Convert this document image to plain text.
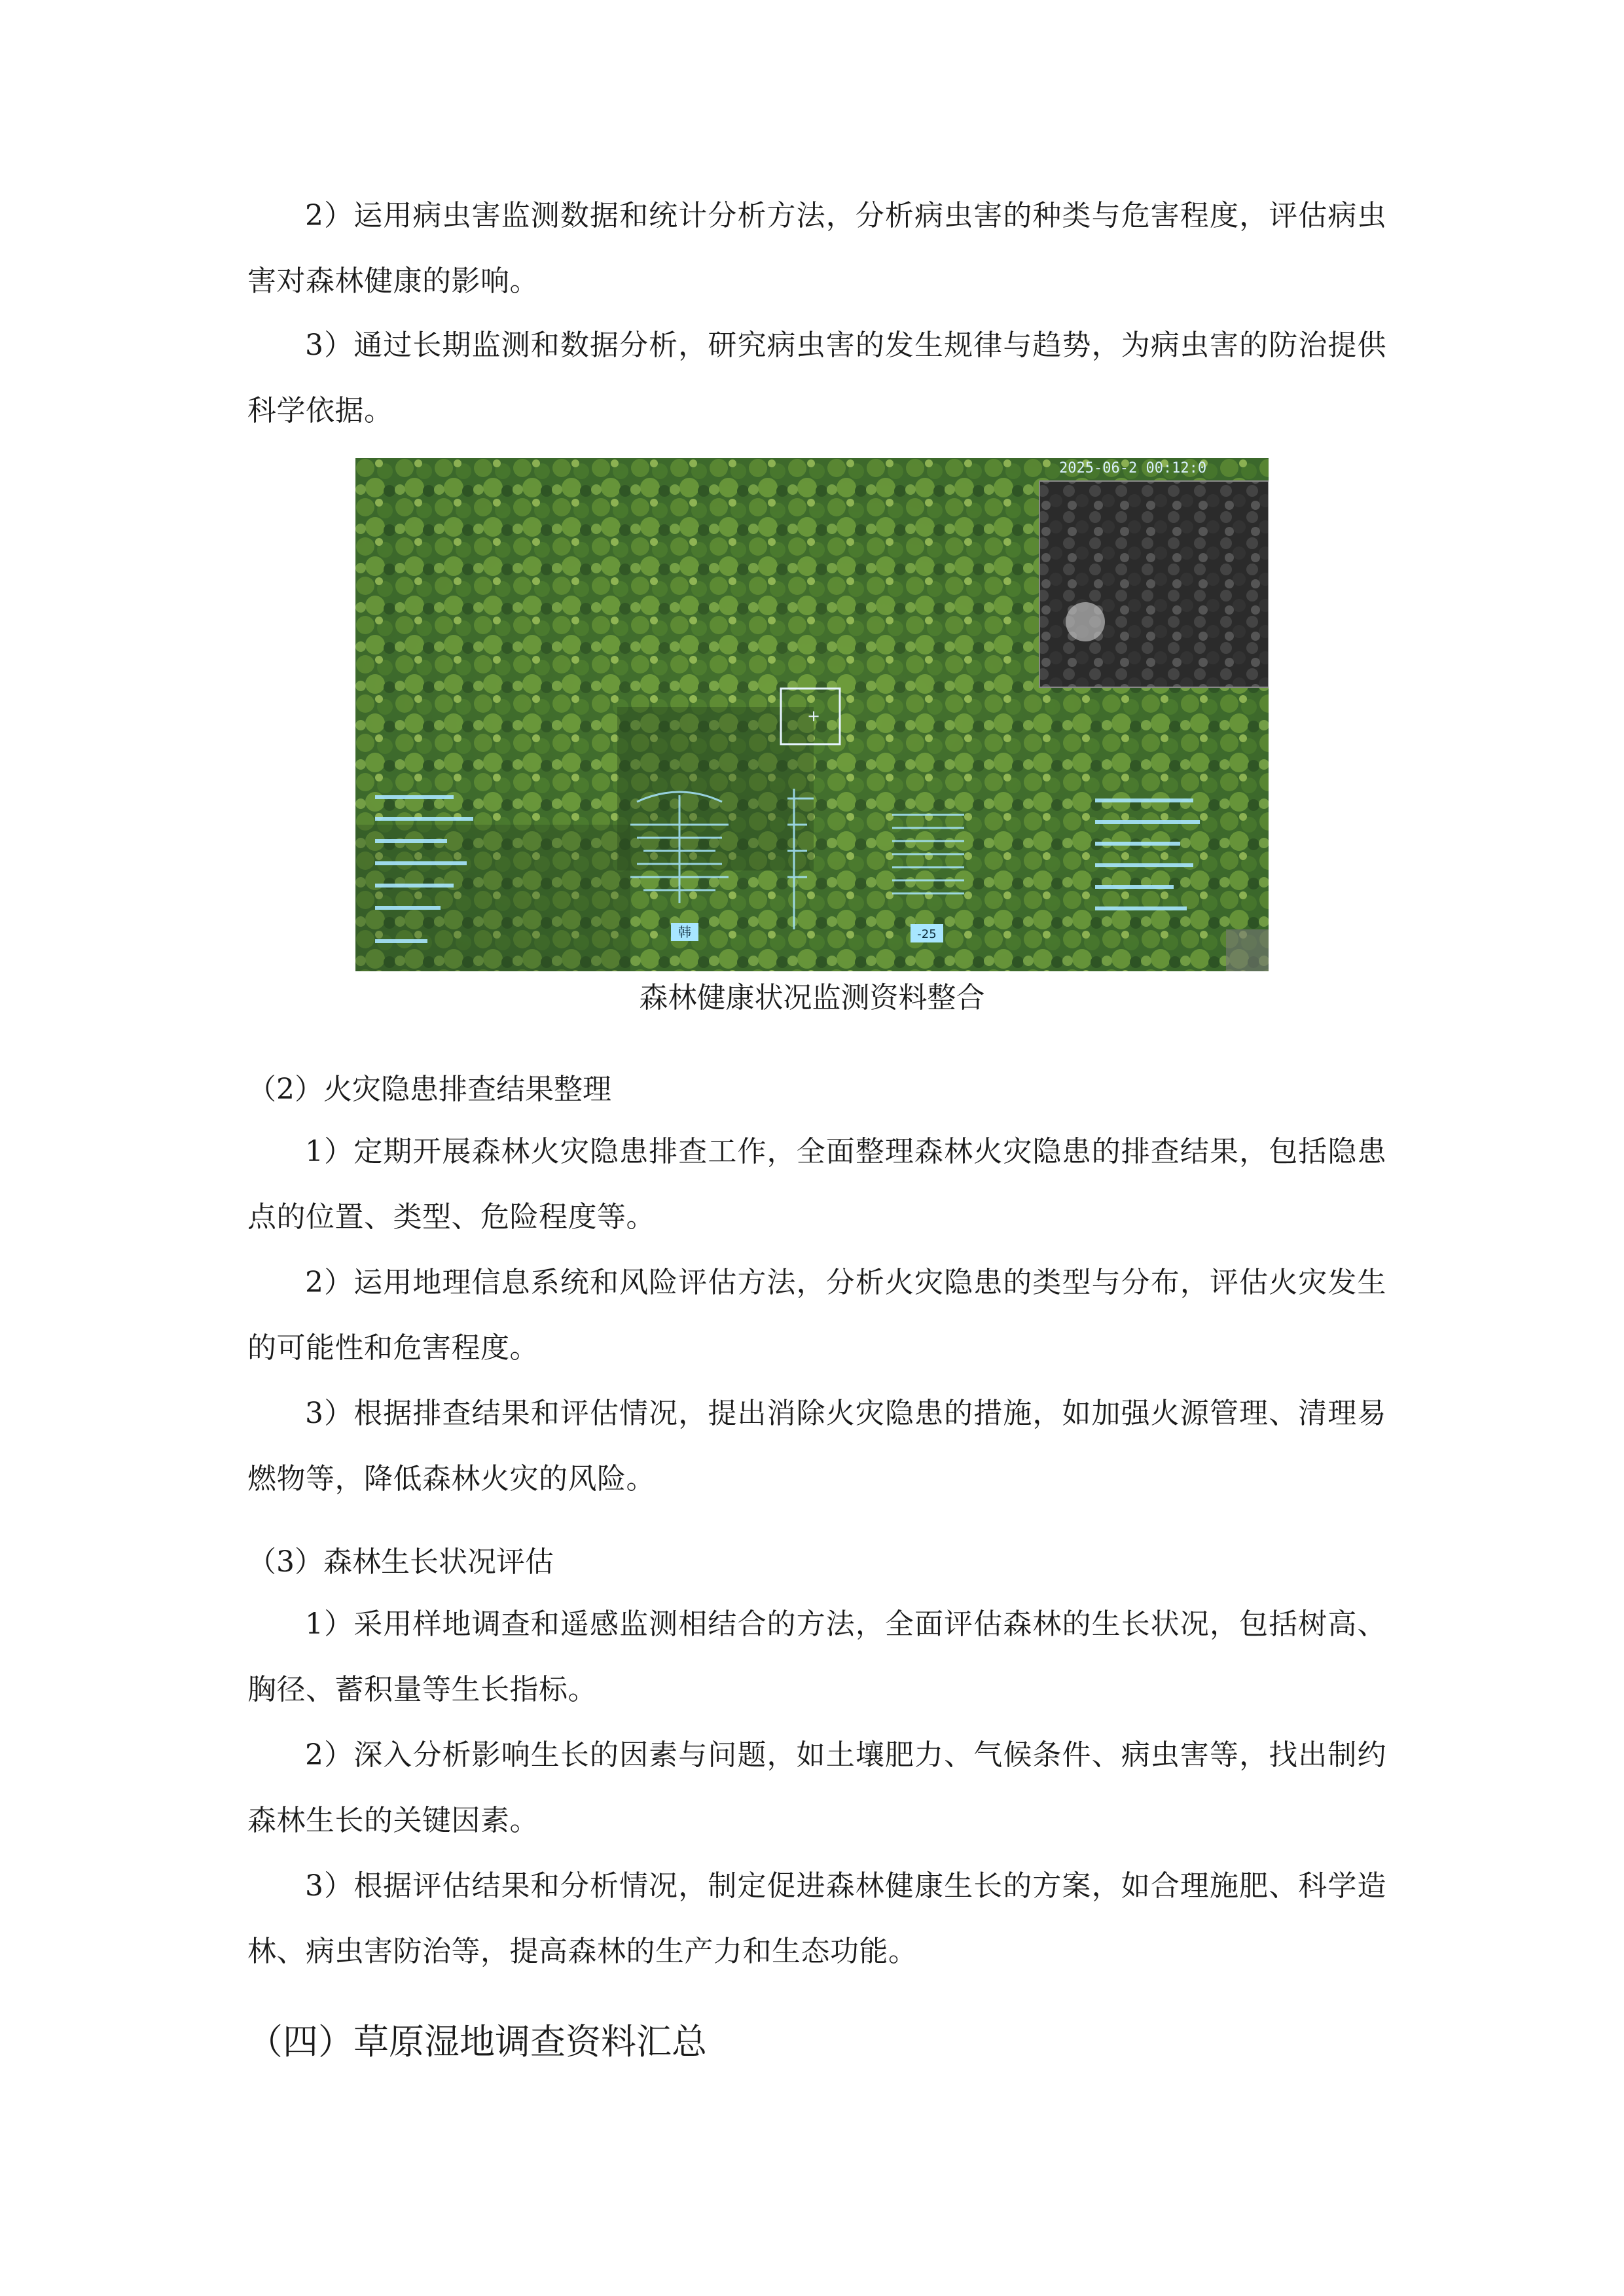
2）运用病虫害监测数据和统计分析方法，分析病虫害的种类与危害程度，评估病虫害对森林健康的影响。

3）通过长期监测和数据分析，研究病虫害的发生规律与趋势，为病虫害的防治提供科学依据。

2025-06-2 00:12:0
+
韩	-25

森林健康状况监测资料整合

（2）火灾隐患排查结果整理

1）定期开展森林火灾隐患排查工作，全面整理森林火灾隐患的排查结果，包括隐患点的位置、类型、危险程度等。

2）运用地理信息系统和风险评估方法，分析火灾隐患的类型与分布，评估火灾发生的可能性和危害程度。

3）根据排查结果和评估情况，提出消除火灾隐患的措施，如加强火源管理、清理易燃物等，降低森林火灾的风险。

（3）森林生长状况评估

1）采用样地调查和遥感监测相结合的方法，全面评估森林的生长状况，包括树高、胸径、蓄积量等生长指标。

2）深入分析影响生长的因素与问题，如土壤肥力、气候条件、病虫害等，找出制约森林生长的关键因素。

3）根据评估结果和分析情况，制定促进森林健康生长的方案，如合理施肥、科学造林、病虫害防治等，提高森林的生产力和生态功能。

（四）草原湿地调查资料汇总
